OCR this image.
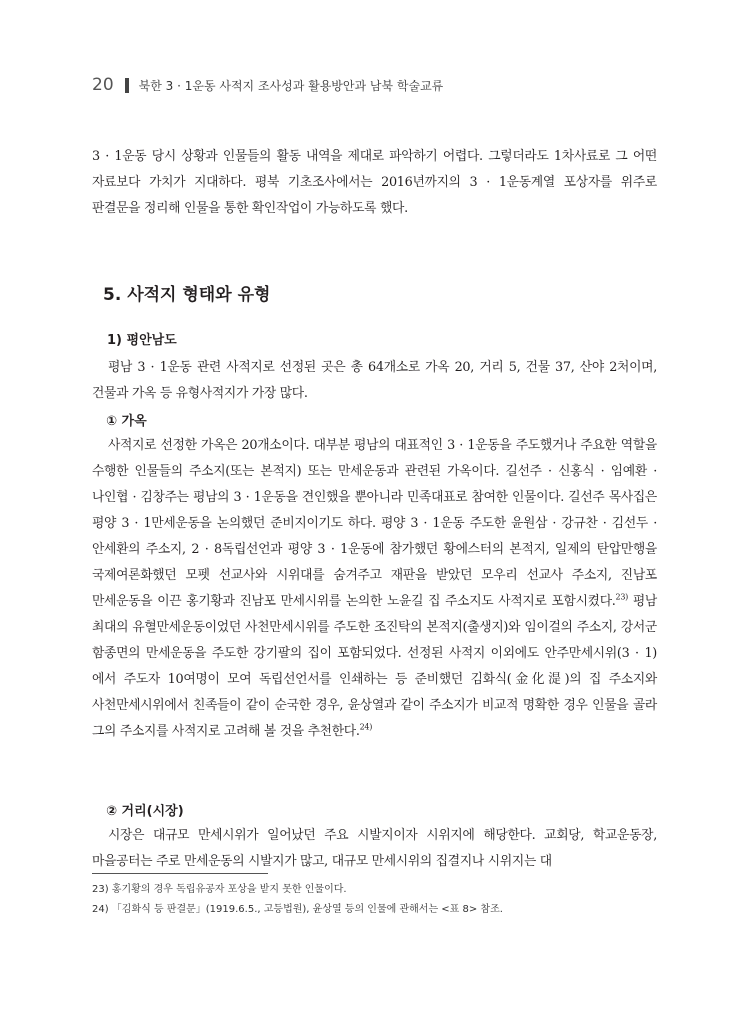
20 북한 3 · 1운동 사적지 조사성과 활용방안과 남북 학술교류

3 · 1운동 당시 상황과 인물들의 활동 내역을 제대로 파악하기 어렵다. 그렇더라도 1차사료로 그 어떤 자료보다 가치가 지대하다. 평북 기초조사에서는 2016년까지의 3 · 1운동계열 포상자를 위주로 판결문을 정리해 인물을 통한 확인작업이 가능하도록 했다.

5. 사적지 형태와 유형
1) 평안남도

평남 3 · 1운동 관련 사적지로 선정된 곳은 총 64개소로 가옥 20, 거리 5, 건물 37, 산야 2처이며, 건물과 가옥 등 유형사적지가 가장 많다.

① 가옥

사적지로 선정한 가옥은 20개소이다. 대부분 평남의 대표적인 3 · 1운동을 주도했거나 주요한 역할을 수행한 인물들의 주소지(또는 본적지) 또는 만세운동과 관련된 가옥이다. 길선주 · 신홍식 · 임예환 · 나인협 · 김창주는 평남의 3 · 1운동을 견인했을 뿐아니라 민족대표로 참여한 인물이다. 길선주 목사집은 평양 3 · 1만세운동을 논의했던 준비지이기도 하다. 평양 3 · 1운동 주도한 윤원삼 · 강규찬 · 김선두 · 안세환의 주소지, 2 · 8독립선언과 평양 3 · 1운동에 참가했던 황에스터의 본적지, 일제의 탄압만행을 국제여론화했던 모펫 선교사와 시위대를 숨겨주고 재판을 받았던 모우리 선교사 주소지, 진남포 만세운동을 이끈 홍기황과 진남포 만세시위를 논의한 노윤길 집 주소지도 사적지로 포함시켰다.$^{23)}$ 평남 최대의 유혈만세운동이었던 사천만세시위를 주도한 조진탁의 본적지(출생지)와 임이걸의 주소지, 강서군 함종면의 만세운동을 주도한 강기팔의 집이 포함되었다. 선정된 사적지 이외에도 안주만세시위(3 · 1)에서 주도자 10여명이 모여 독립선언서를 인쇄하는 등 준비했던 김화식(金化湜)의 집 주소지와 사천만세시위에서 친족들이 같이 순국한 경우, 윤상열과 같이 주소지가 비교적 명확한 경우 인물을 골라 그의 주소지를 사적지로 고려해 볼 것을 추천한다.$^{24)}$

② 거리(시장)

시장은 대규모 만세시위가 일어났던 주요 시발지이자 시위지에 해당한다. 교회당, 학교운동장, 마을공터는 주로 만세운동의 시발지가 많고, 대규모 만세시위의 집결지나 시위지는 대

23) 홍기황의 경우 독립유공자 포상을 받지 못한 인물이다.

24) 「김화식 등 판결문」(1919.6.5., 고등법원), 윤상열 등의 인물에 관해서는 <표 8> 참조.
